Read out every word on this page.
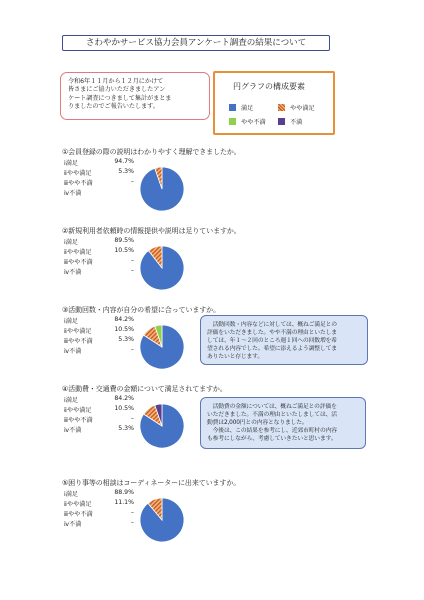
さわやかサービス協力会員アンケート調査の結果について
令和6年１１月から１２月にかけて
皆さまにご協力いただきましたアン
ケート調査につきまして集計がまとま
りましたのでご報告いたします。
円グラフの構成要素
満足	やや満足
やや不満	不満
①会員登録の際の説明はわかりやすく理解できましたか。
ⅰ満足	94.7%
ⅱやや満足	5.3%
ⅲやや不満	–
ⅳ不満
②新規利用者依頼時の情報提供や説明は足りていますか。
ⅰ満足	89.5%
ⅱやや満足	10.5%
ⅲやや不満	–
ⅳ不満	–
③活動回数・内容が自分の希望に合っていますか。
ⅰ満足	84.2%
ⅱやや満足	10.5%
ⅲやや不満	5.3%
ⅳ不満	–
　活動回数・内容などに対しては、概ねご満足との
評価をいただきました。やや不満の理由といたしま
しては、年１～２回のところ週１回への回数増を希
望される内容でした。希望に添えるよう調整してま
ありたいと存じます。
④活動費・交通費の金額について満足されてますか。
ⅰ満足	84.2%
ⅱやや満足	10.5%
ⅲやや不満	–
ⅳ不満	5.3%
　活動費の金額については、概ねご満足との評価を
いただきました。不満の理由といたしましては、活
動費は2,000円との内容となりました。
　今後は、この結果を参考にし、近郊市町村の内容
も参考にしながら、考慮していきたいと思います。
⑤困り事等の相談はコーディネーターに出来ていますか。
ⅰ満足	88.9%
ⅱやや満足	11.1%
ⅲやや不満	–
ⅳ不満	–
